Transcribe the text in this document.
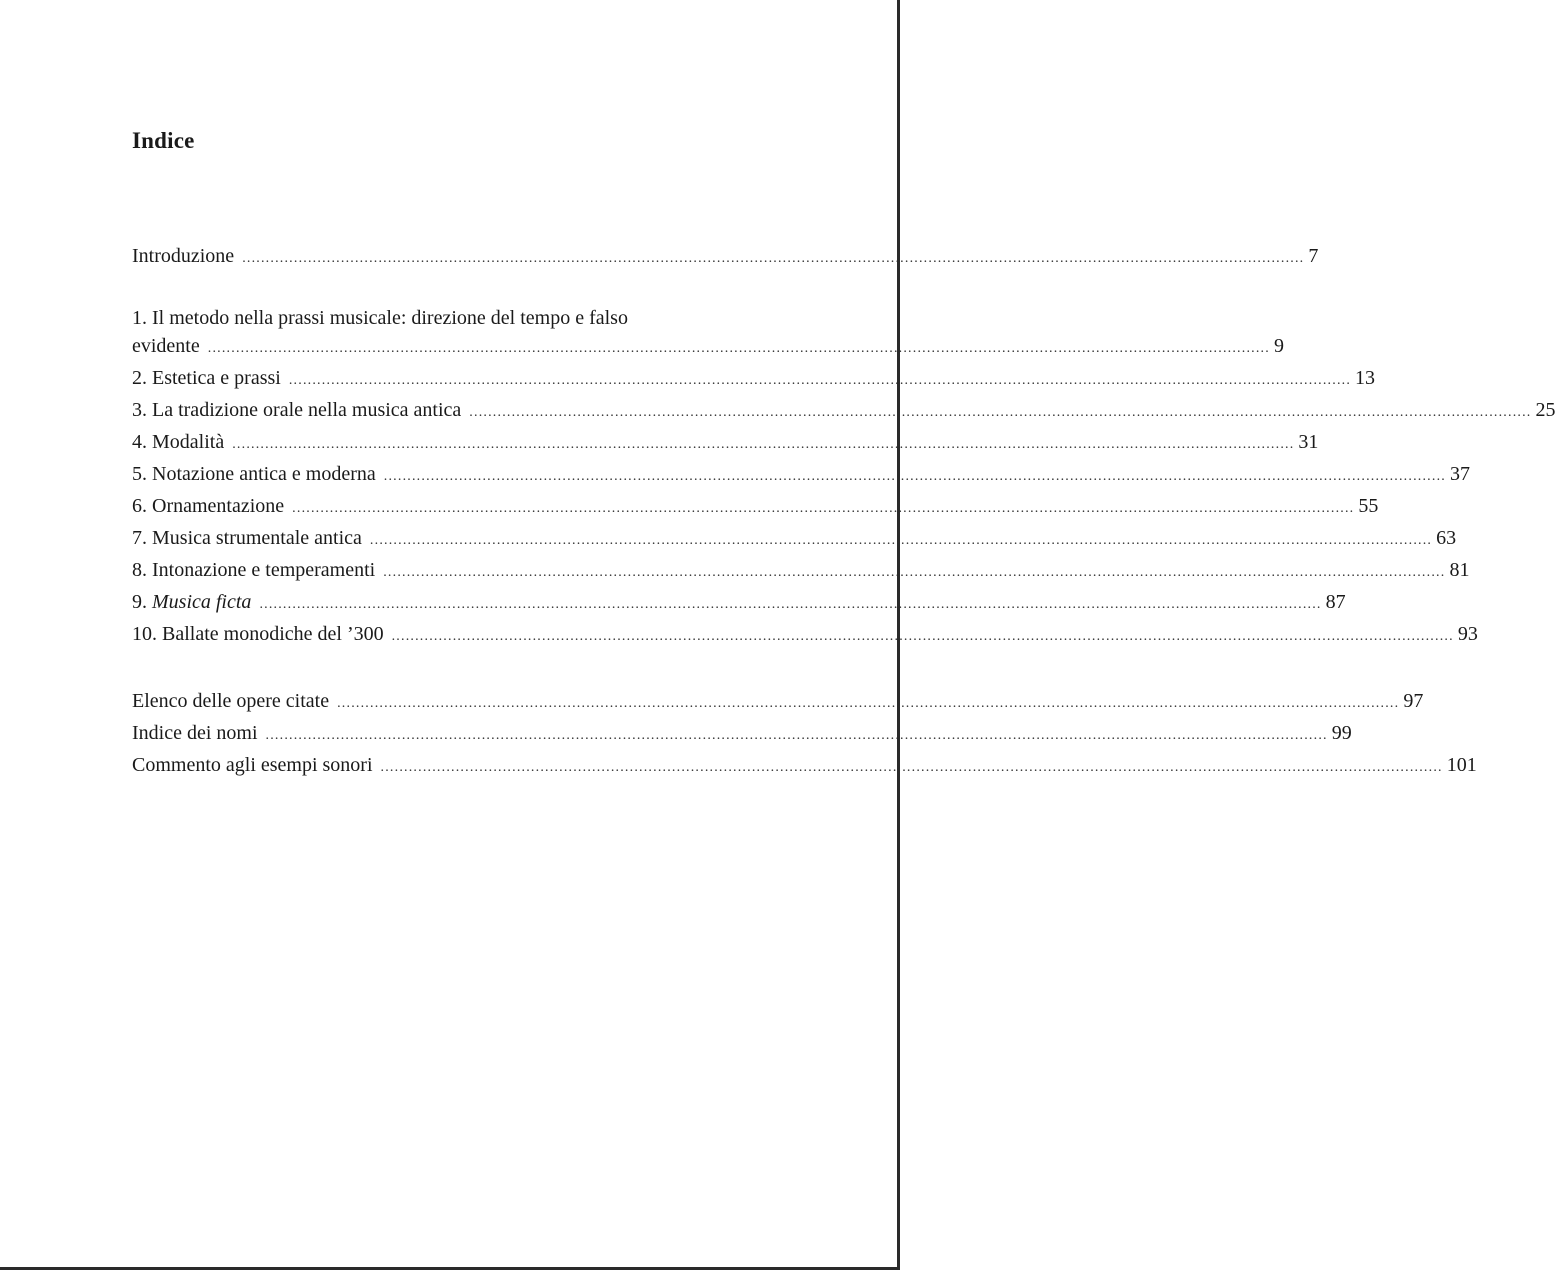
Indice
Introduzione .................................................................................................................................................................................................................................. 7
1. Il metodo nella prassi musicale: direzione del tempo e falso
evidente .................................................................................................................................................................................................................................. 9
2. Estetica e prassi .................................................................................................................................................................................................................................. 13
3. La tradizione orale nella musica antica .................................................................................................................................................................................................................................. 25
4. Modalità .................................................................................................................................................................................................................................. 31
5. Notazione antica e moderna .................................................................................................................................................................................................................................. 37
6. Ornamentazione .................................................................................................................................................................................................................................. 55
7. Musica strumentale antica .................................................................................................................................................................................................................................. 63
8. Intonazione e temperamenti .................................................................................................................................................................................................................................. 81
9. Musica ficta .................................................................................................................................................................................................................................. 87
10. Ballate monodiche del ’300 .................................................................................................................................................................................................................................. 93
Elenco delle opere citate .................................................................................................................................................................................................................................. 97
Indice dei nomi .................................................................................................................................................................................................................................. 99
Commento agli esempi sonori .................................................................................................................................................................................................................................. 101
